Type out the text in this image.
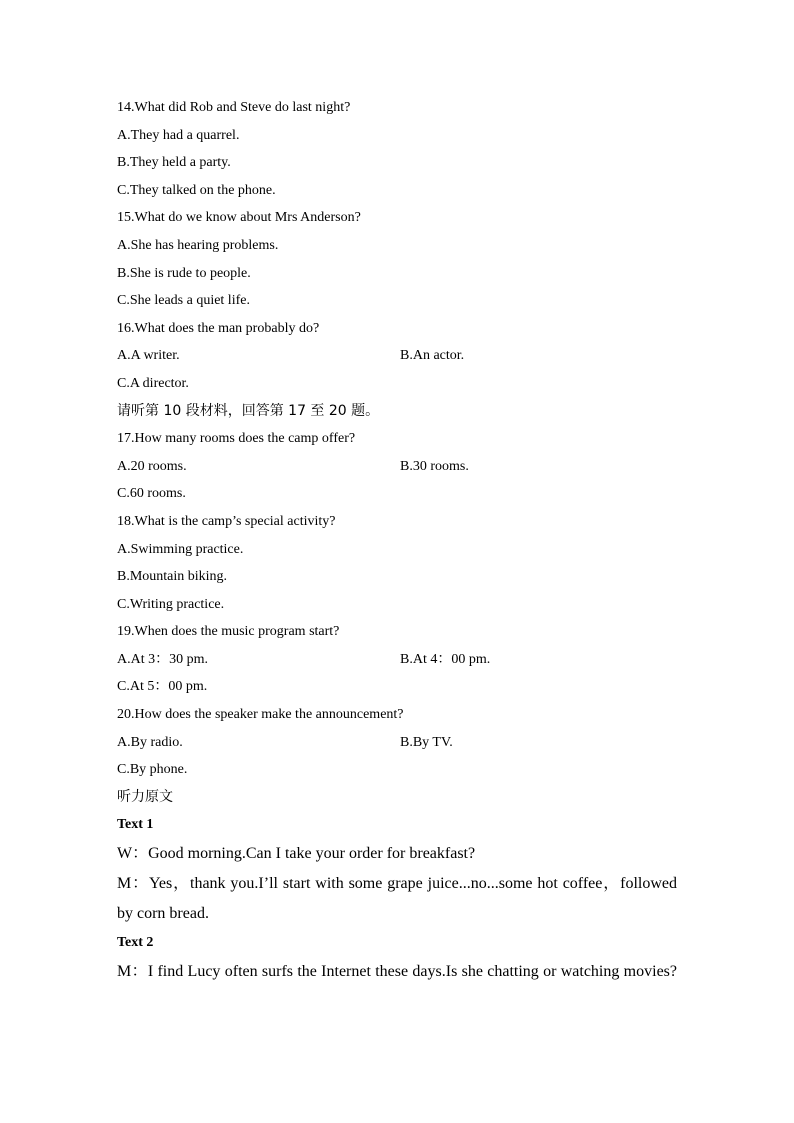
14.What did Rob and Steve do last night?
A.They had a quarrel.
B.They held a party.
C.They talked on the phone.
15.What do we know about Mrs Anderson?
A.She has hearing problems.
B.She is rude to people.
C.She leads a quiet life.
16.What does the man probably do?
A.A writer.	B.An actor.
C.A director.
请听第 10 段材料，回答第 17 至 20 题。
17.How many rooms does the camp offer?
A.20 rooms.	B.30 rooms.
C.60 rooms.
18.What is the camp’s special activity?
A.Swimming practice.
B.Mountain biking.
C.Writing practice.
19.When does the music program start?
A.At 3：30 pm.	B.At 4：00 pm.
C.At 5：00 pm.
20.How does the speaker make the announcement?
A.By radio.	B.By TV.
C.By phone.
听力原文
Text 1
W：Good morning.Can I take your order for breakfast?
M：Yes，thank you.I’ll start with some grape juice...no...some hot coffee，followed
by corn bread.
Text 2
M：I find Lucy often surfs the Internet these days.Is she chatting or watching movies?
